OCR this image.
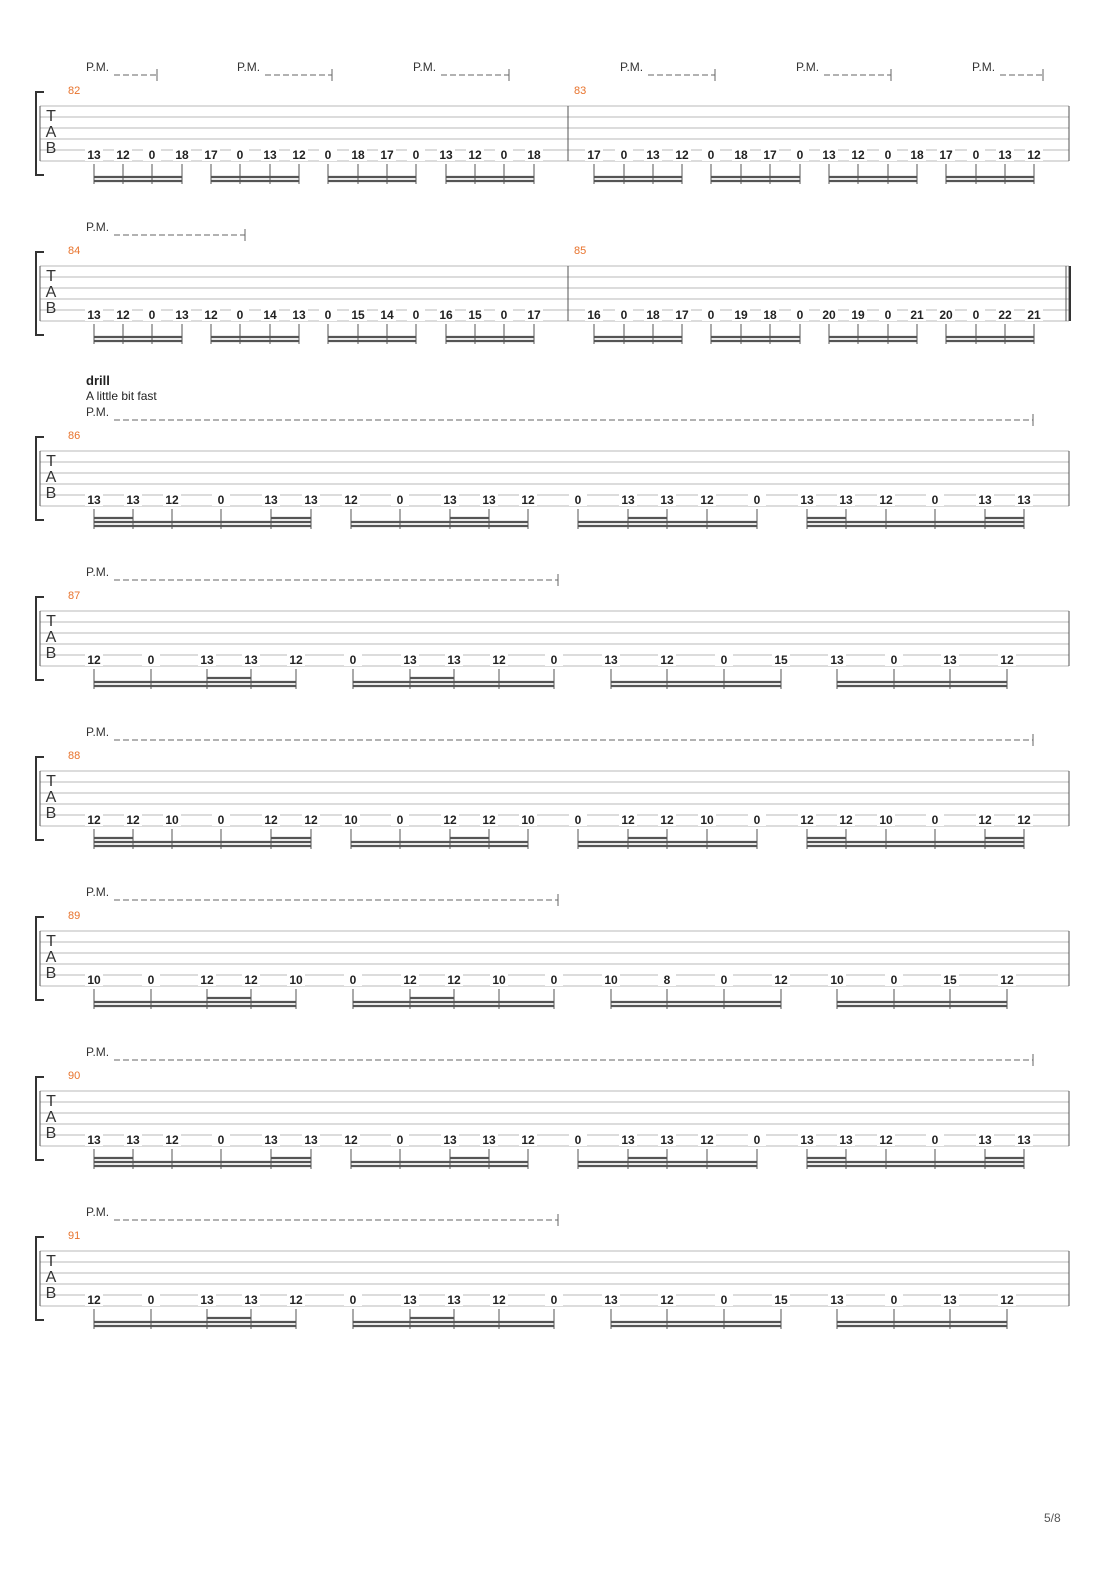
P.M.	P.M.	P.M.	P.M.	P.M.	P.M.
T
A
B
82
13 12 0 18 17 0 13 12 0 18 17 0 13 12 0 18
83
17 0 13 12 0 18 17 0 13 12 0 18 17 0 13 12
P.M.
T
A
B
84
13 12 0 13 12 0 14 13 0 15 14 0 16 15 0 17
85
16 0 18 17 0 19 18 0 20 19 0 21 20 0 22 21
P.M.
T
A
B
86
13 13 12	0	13 13 12	0	13 13 12	0	13 13 12	0	13 13 12	0	13 13
P.M.
T
A
B
87
12	0	13	13	12	0	13	13	12	0	13	12	0	15	13	0	13	12
P.M.
T
A
B
88
12 12 10	0	12 12 10	0	12 12 10	0	12 12 10	0	12 12 10	0	12 12
P.M.
T
A
B
89
10	0	12	12	10	0	12	12	10	0	10	8	0	12	10	0	15	12
P.M.
T
A
B
90
13 13 12	0	13 13 12	0	13 13 12	0	13 13 12	0	13 13 12	0	13 13
P.M.
T
A
B
91
12	0	13	13	12	0	13	13	12	0	13	12	0	15	13	0	13	12
drill
A little bit fast
5/8
